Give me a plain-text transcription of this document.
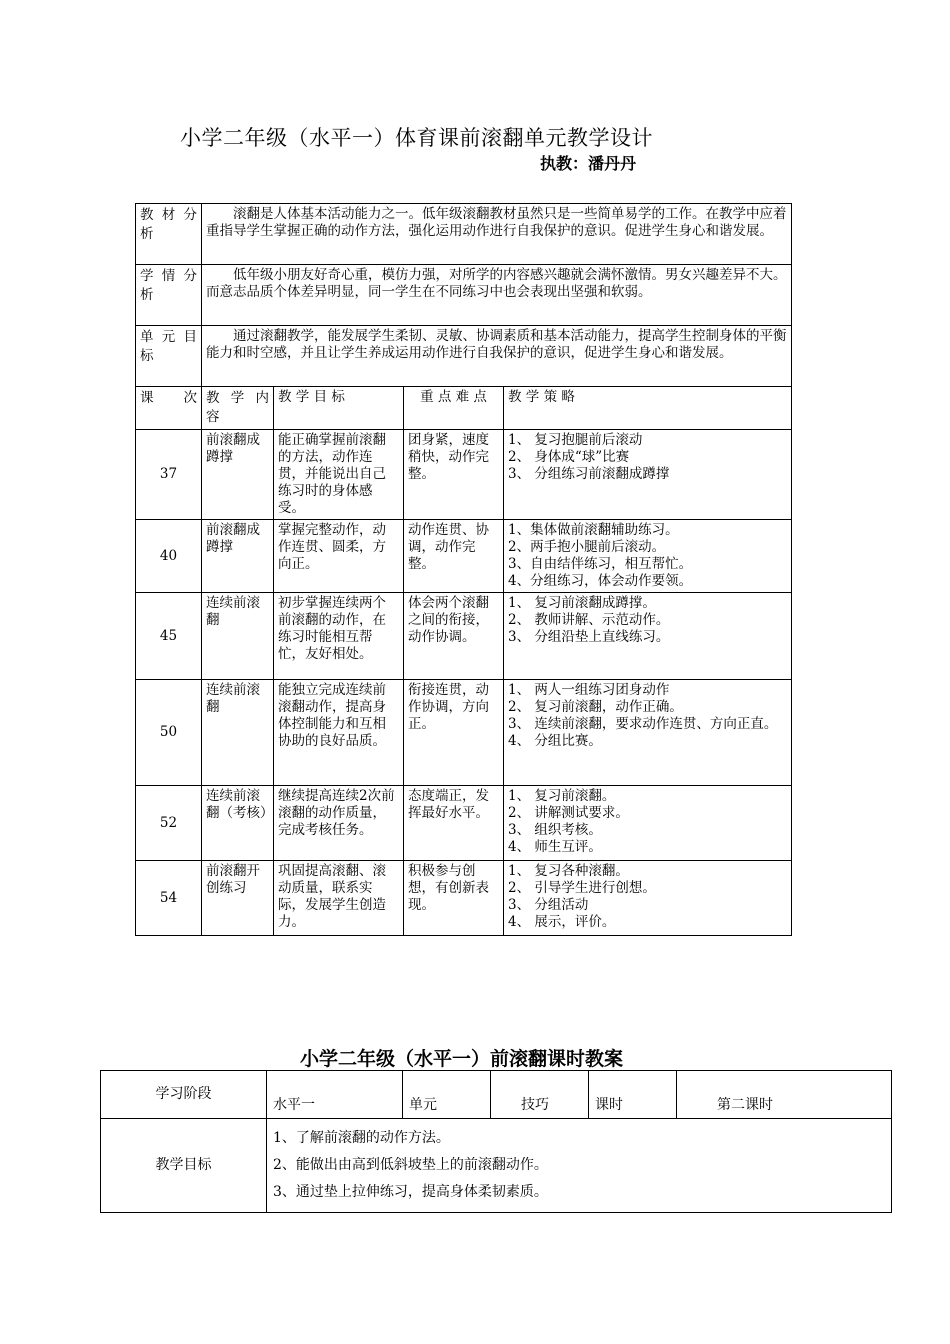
小学二年级（水平一）体育课前滚翻单元教学设计
执教：潘丹丹
教 材 分 析	滚翻是人体基本活动能力之一。低年级滚翻教材虽然只是一些简单易学的工作。在教学中应着重指导学生掌握正确的动作方法，强化运用动作进行自我保护的意识。促进学生身心和谐发展。			
学 情 分 析	低年级小朋友好奇心重，模仿力强，对所学的内容感兴趣就会满怀激情。男女兴趣差异不大。而意志品质个体差异明显，同一学生在不同练习中也会表现出坚强和软弱。			
单 元 目 标	通过滚翻教学，能发展学生柔韧、灵敏、协调素质和基本活动能力，提高学生控制身体的平衡能力和时空感，并且让学生养成运用动作进行自我保护的意识，促进学生身心和谐发展。			
课 次	教 学 内 容	教 学 目 标	重 点 难 点	教 学 策 略
37	前滚翻成蹲撑	能正确掌握前滚翻的方法，动作连贯，并能说出自己练习时的身体感受。	团身紧，速度稍快，动作完整。	1、 复习抱腿前后滚动
2、 身体成“球”比赛
3、 分组练习前滚翻成蹲撑

40	前滚翻成蹲撑	掌握完整动作，动作连贯、圆柔，方向正。	动作连贯、协调，动作完整。	1、集体做前滚翻辅助练习。
2、两手抱小腿前后滚动。
3、自由结伴练习，相互帮忙。
4、分组练习，体会动作要领。

45	连续前滚翻	初步掌握连续两个前滚翻的动作，在练习时能相互帮忙，友好相处。	体会两个滚翻之间的衔接，动作协调。	1、 复习前滚翻成蹲撑。
2、 教师讲解、示范动作。
3、 分组沿垫上直线练习。

50	连续前滚翻	能独立完成连续前滚翻动作，提高身体控制能力和互相协助的良好品质。	衔接连贯，动作协调，方向正。	1、 两人一组练习团身动作
2、 复习前滚翻，动作正确。
3、 连续前滚翻，要求动作连贯、方向正直。
4、 分组比赛。

52	连续前滚翻（考核）	继续提高连续2次前滚翻的动作质量，完成考核任务。	态度端正，发挥最好水平。	1、 复习前滚翻。
2、 讲解测试要求。
3、 组织考核。
4、 师生互评。

54	前滚翻开创练习	巩固提高滚翻、滚动质量，联系实际，发展学生创造力。	积极参与创想，有创新表现。	1、 复习各种滚翻。
2、 引导学生进行创想。
3、 分组活动
4、 展示，评价。
小学二年级（水平一）前滚翻课时教案
学习阶段	水平一	单元	技巧	课时	第二课时
教学目标	1、了解前滚翻的动作方法。
2、能做出由高到低斜坡垫上的前滚翻动作。
3、通过垫上拉伸练习，提高身体柔韧素质。				
